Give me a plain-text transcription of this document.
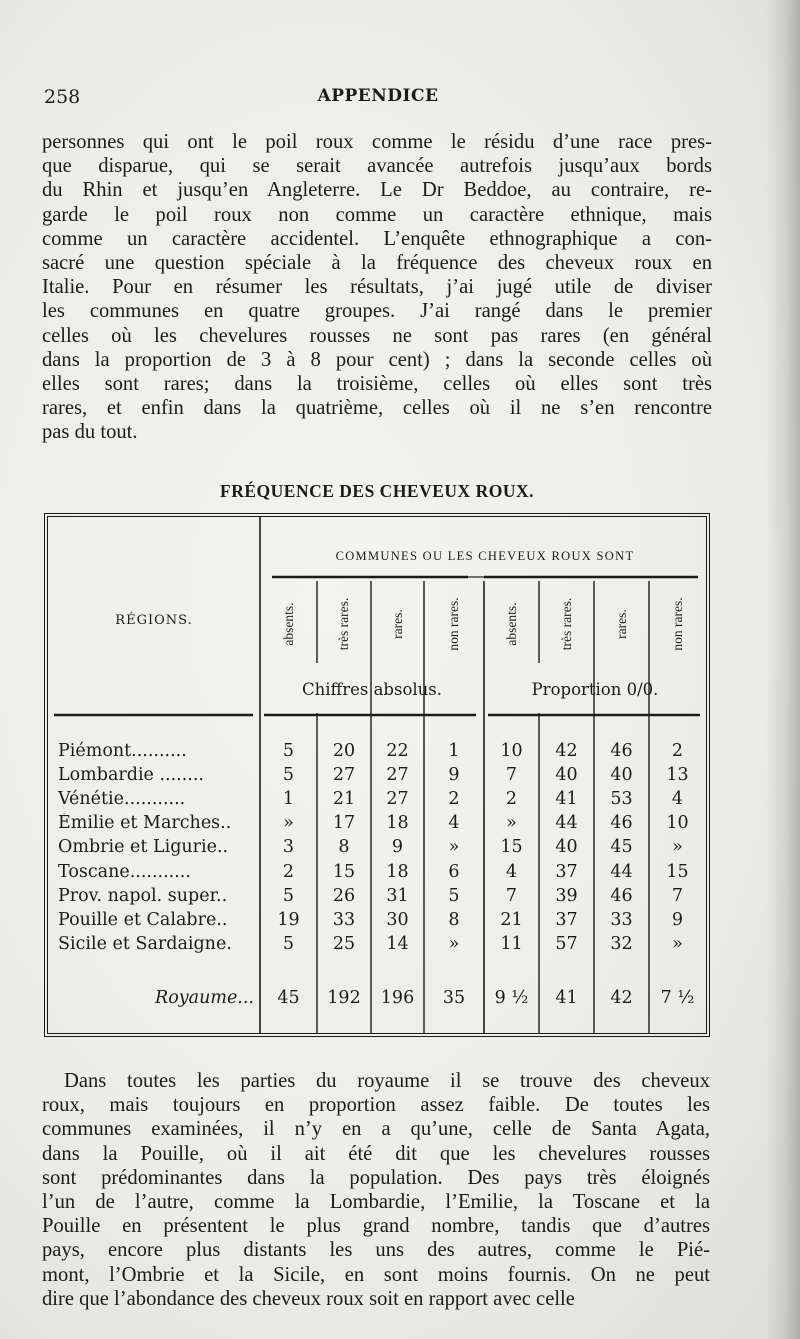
258	APPENDICE
personnes qui ont le poil roux comme le résidu d’une race pres-
que disparue, qui se serait avancée autrefois jusqu’aux bords
du Rhin et jusqu’en Angleterre. Le Dr Beddoe, au contraire, re-
garde le poil roux non comme un caractère ethnique, mais
comme un caractère accidentel. L’enquête ethnographique a con-
sacré une question spéciale à la fréquence des cheveux roux en
Italie. Pour en résumer les résultats, j’ai jugé utile de diviser
les communes en quatre groupes. J’ai rangé dans le premier
celles où les chevelures rousses ne sont pas rares (en général
dans la proportion de 3 à 8 pour cent) ; dans la seconde celles où
elles sont rares; dans la troisième, celles où elles sont très
rares, et enfin dans la quatrième, celles où il ne s’en rencontre
pas du tout.
FRÉQUENCE DES CHEVEUX ROUX.
COMMUNES OU LES CHEVEUX ROUX SONT
RÉGIONS.	absents.	très rares.	rares.	non rares.	absents.	très rares.	rares.	non rares.
Chiffres absolus.	Proportion 0/0.
Piémont..........	5	20	22	1	10	42	46	2
Lombardie ........	5	27	27	9	7	40	40	13
Vénétie...........	1	21	27	2	2	41	53	4
Émilie et Marches..	»	17	18	4	»	44	46	10
Ombrie et Ligurie..	3	8	9	»	15	40	45	»
Toscane...........	2	15	18	6	4	37	44	15
Prov. napol. super..	5	26	31	5	7	39	46	7
Pouille et Calabre..	19	33	30	8	21	37	33	9
Sicile et Sardaigne.	5	25	14	»	11	57	32	»
Royaume...	45	192	196	35	9 ½	41	42	7 ½
Dans toutes les parties du royaume il se trouve des cheveux
roux, mais toujours en proportion assez faible. De toutes les
communes examinées, il n’y en a qu’une, celle de Santa Agata,
dans la Pouille, où il ait été dit que les chevelures rousses
sont prédominantes dans la population. Des pays très éloignés
l’un de l’autre, comme la Lombardie, l’Emilie, la Toscane et la
Pouille en présentent le plus grand nombre, tandis que d’autres
pays, encore plus distants les uns des autres, comme le Pié-
mont, l’Ombrie et la Sicile, en sont moins fournis. On ne peut
dire que l’abondance des cheveux roux soit en rapport avec celle
